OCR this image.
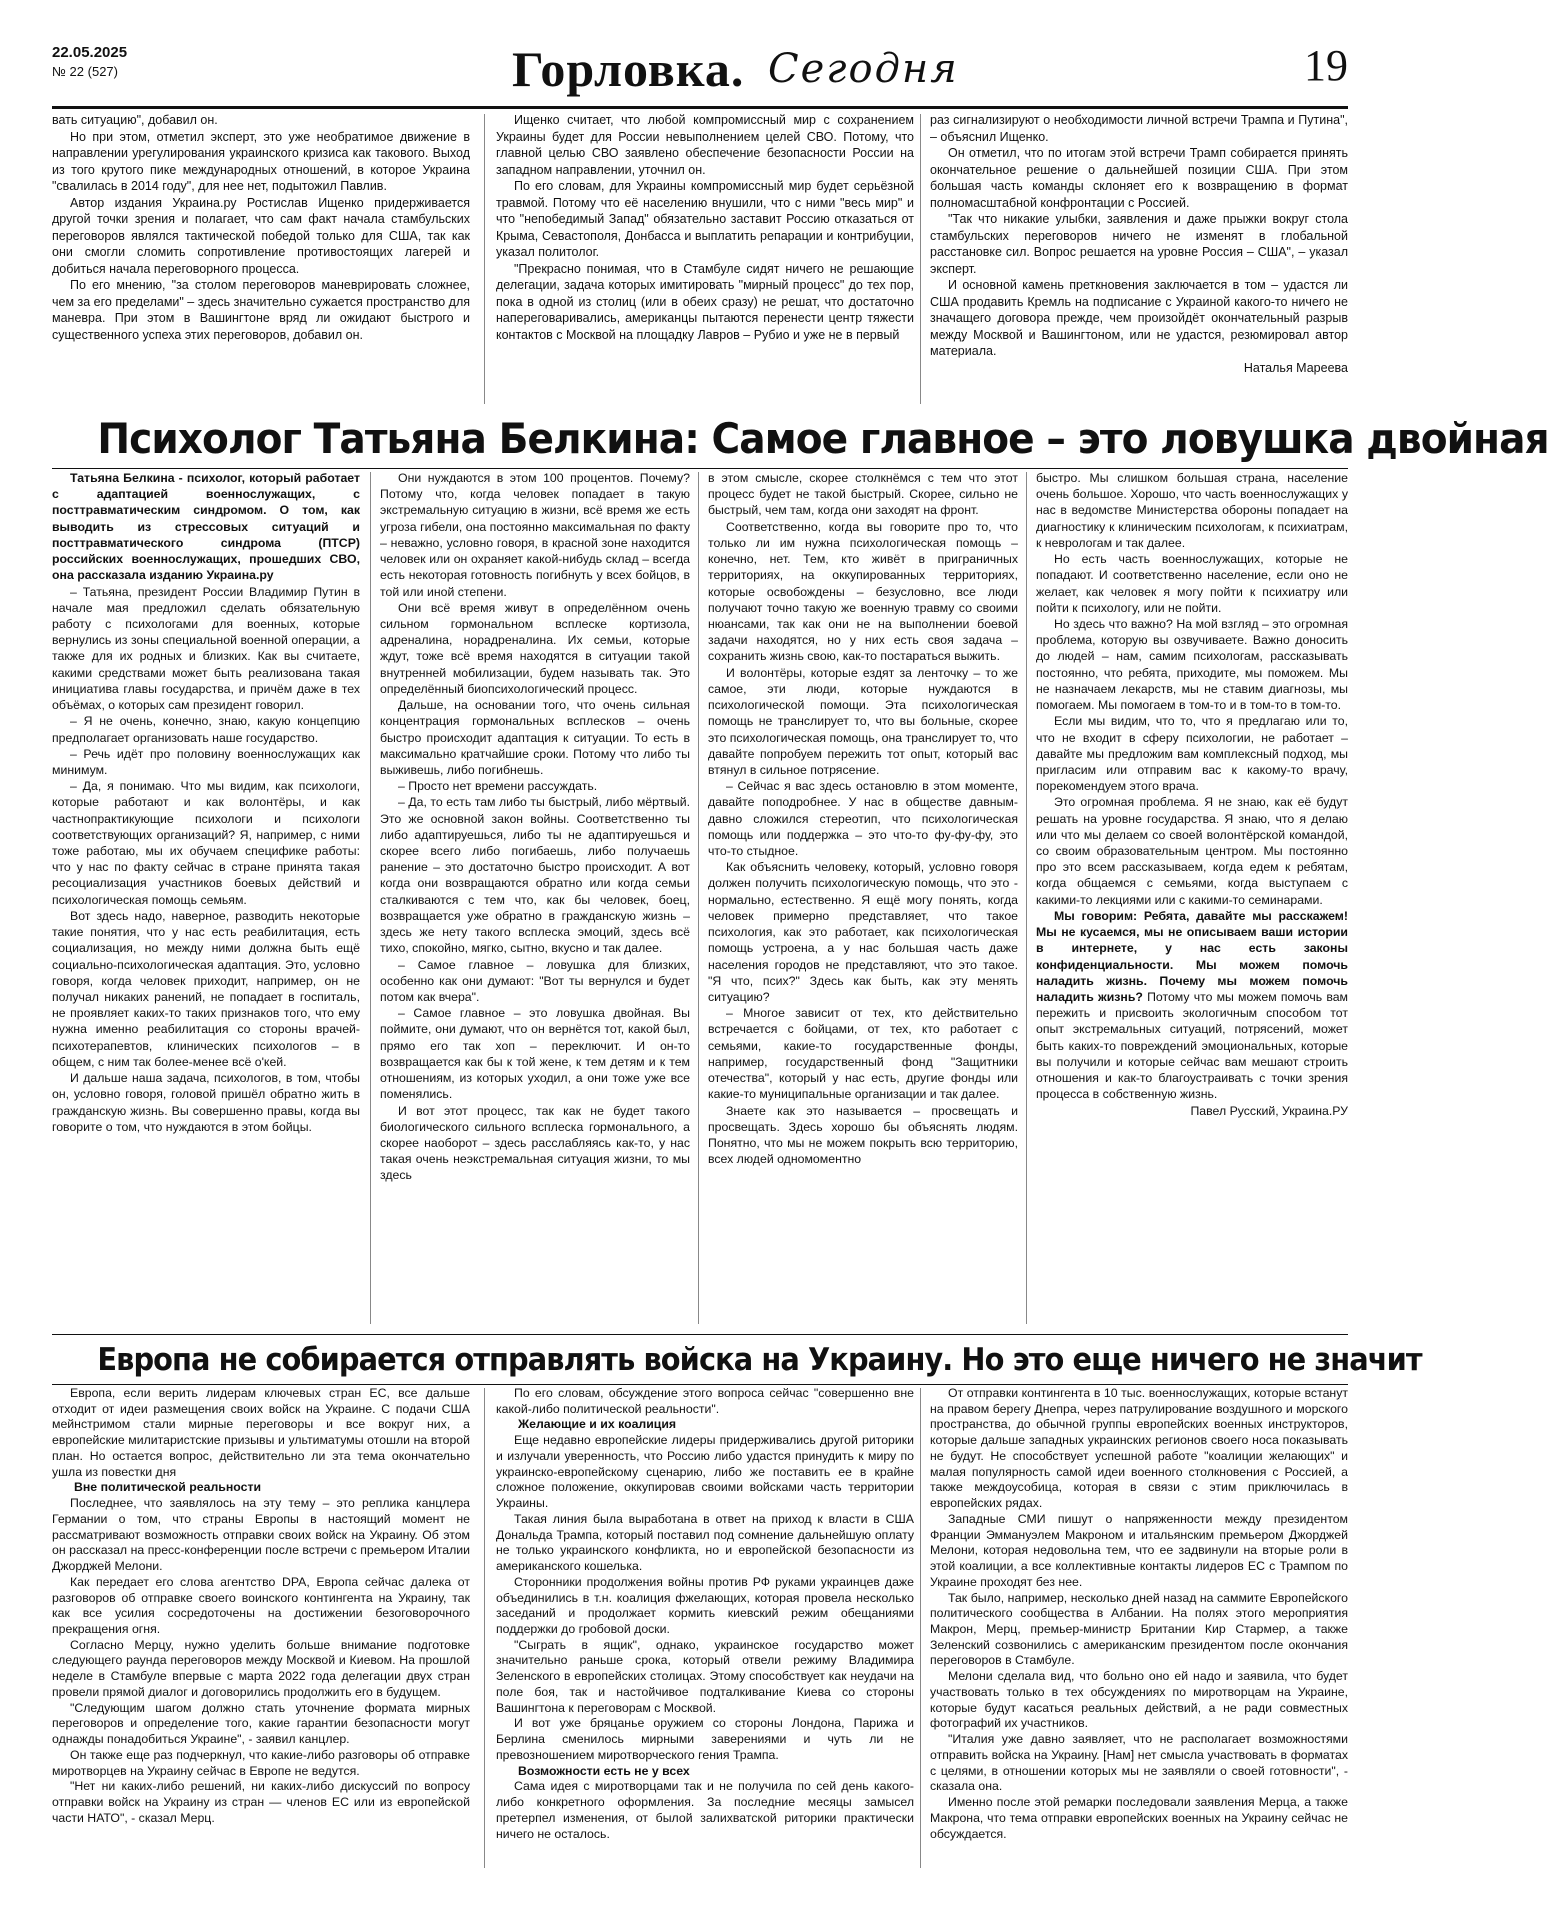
22.05.2025
№ 22 (527)	Горловка. Сегодня	19

вать ситуацию", добавил он.

Но при этом, отметил эксперт, это уже необратимое движение в направлении урегулирования украинского кризиса как такового. Выход из того крутого пике международных отношений, в которое Украина "свалилась в 2014 году", для нее нет, подытожил Павлив.

Автор издания Украина.ру Ростислав Ищенко придерживается другой точки зрения и полагает, что сам факт начала стамбульских переговоров являлся тактической победой только для США, так как они смогли сломить сопротивление противостоящих лагерей и добиться начала переговорного процесса.

По его мнению, "за столом переговоров маневрировать сложнее, чем за его пределами" – здесь значительно сужается пространство для маневра. При этом в Вашингтоне вряд ли ожидают быстрого и существенного успеха этих переговоров, добавил он.

Ищенко считает, что любой компромиссный мир с сохранением Украины будет для России невыполнением целей СВО. Потому, что главной целью СВО заявлено обеспечение безопасности России на западном направлении, уточнил он.

По его словам, для Украины компромиссный мир будет серьёзной травмой. Потому что её населению внушили, что с ними "весь мир" и что "непобедимый Запад" обязательно заставит Россию отказаться от Крыма, Севастополя, Донбасса и выплатить репарации и контрибуции, указал политолог.

"Прекрасно понимая, что в Стамбуле сидят ничего не решающие делегации, задача которых имитировать "мирный процесс" до тех пор, пока в одной из столиц (или в обеих сразу) не решат, что достаточно напереговаривались, американцы пытаются перенести центр тяжести контактов с Москвой на площадку Лавров – Рубио и уже не в первый

раз сигнализируют о необходимости личной встречи Трампа и Путина", – объяснил Ищенко.

Он отметил, что по итогам этой встречи Трамп собирается принять окончательное решение о дальнейшей позиции США. При этом большая часть команды склоняет его к возвращению в формат полномасштабной конфронтации с Россией.

"Так что никакие улыбки, заявления и даже прыжки вокруг стола стамбульских переговоров ничего не изменят в глобальной расстановке сил. Вопрос решается на уровне Россия – США", – указал эксперт.

И основной камень преткновения заключается в том – удастся ли США продавить Кремль на подписание с Украиной какого-то ничего не значащего договора прежде, чем произойдёт окончательный разрыв между Москвой и Вашингтоном, или не удастся, резюмировал автор материала.

Наталья Мареева

Психолог Татьяна Белкина: Самое главное – это ловушка двойная

Татьяна Белкина - психолог, который работает с адаптацией военнослужащих, с посттравматическим синдромом. О том, как выводить из стрессовых ситуаций и посттравматического синдрома (ПТСР) российских военнослужащих, прошедших СВО, она рассказала изданию Украина.ру

– Татьяна, президент России Владимир Путин в начале мая предложил сделать обязательную работу с психологами для военных, которые вернулись из зоны специальной военной операции, а также для их родных и близких. Как вы считаете, какими средствами может быть реализована такая инициатива главы государства, и причём даже в тех объёмах, о которых сам президент говорил.

– Я не очень, конечно, знаю, какую концепцию предполагает организовать наше государство.

– Речь идёт про половину военнослужащих как минимум.

– Да, я понимаю. Что мы видим, как психологи, которые работают и как волонтёры, и как частнопрактикующие психологи и психологи соответствующих организаций? Я, например, с ними тоже работаю, мы их обучаем специфике работы: что у нас по факту сейчас в стране принята такая ресоциализация участников боевых действий и психологическая помощь семьям.

Вот здесь надо, наверное, разводить некоторые такие понятия, что у нас есть реабилитация, есть социализация, но между ними должна быть ещё социально-психологическая адаптация. Это, условно говоря, когда человек приходит, например, он не получал никаких ранений, не попадает в госпиталь, не проявляет каких-то таких признаков того, что ему нужна именно реабилитация со стороны врачей-психотерапевтов, клинических психологов – в общем, с ним так более-менее всё о'кей.

И дальше наша задача, психологов, в том, чтобы он, условно говоря, головой пришёл обратно жить в гражданскую жизнь. Вы совершенно правы, когда вы говорите о том, что нуждаются в этом бойцы.

Они нуждаются в этом 100 процентов. Почему? Потому что, когда человек попадает в такую экстремальную ситуацию в жизни, всё время же есть угроза гибели, она постоянно максимальная по факту – неважно, условно говоря, в красной зоне находится человек или он охраняет какой-нибудь склад – всегда есть некоторая готовность погибнуть у всех бойцов, в той или иной степени.

Они всё время живут в определённом очень сильном гормональном всплеске кортизола, адреналина, норадреналина. Их семьи, которые ждут, тоже всё время находятся в ситуации такой внутренней мобилизации, будем называть так. Это определённый биопсихологический процесс.

Дальше, на основании того, что очень сильная концентрация гормональных всплесков – очень быстро происходит адаптация к ситуации. То есть в максимально кратчайшие сроки. Потому что либо ты выживешь, либо погибнешь.

– Просто нет времени рассуждать.

– Да, то есть там либо ты быстрый, либо мёртвый. Это же основной закон войны. Соответственно ты либо адаптируешься, либо ты не адаптируешься и скорее всего либо погибаешь, либо получаешь ранение – это достаточно быстро происходит. А вот когда они возвращаются обратно или когда семьи сталкиваются с тем что, как бы человек, боец, возвращается уже обратно в гражданскую жизнь – здесь же нету такого всплеска эмоций, здесь всё тихо, спокойно, мягко, сытно, вкусно и так далее.

– Самое главное – ловушка для близких, особенно как они думают: "Вот ты вернулся и будет потом как вчера".

– Самое главное – это ловушка двойная. Вы поймите, они думают, что он вернётся тот, какой был, прямо его так хоп – переключит. И он-то возвращается как бы к той жене, к тем детям и к тем отношениям, из которых уходил, а они тоже уже все поменялись.

И вот этот процесс, так как не будет такого биологического сильного всплеска гормонального, а скорее наоборот – здесь расслабляясь как-то, у нас такая очень неэкстремальная ситуация жизни, то мы здесь

в этом смысле, скорее столкнёмся с тем что этот процесс будет не такой быстрый. Скорее, сильно не быстрый, чем там, когда они заходят на фронт.

Соответственно, когда вы говорите про то, что только ли им нужна психологическая помощь – конечно, нет. Тем, кто живёт в приграничных территориях, на оккупированных территориях, которые освобождены – безусловно, все люди получают точно такую же военную травму со своими нюансами, так как они не на выполнении боевой задачи находятся, но у них есть своя задача – сохранить жизнь свою, как-то постараться выжить.

И волонтёры, которые ездят за ленточку – то же самое, эти люди, которые нуждаются в психологической помощи. Эта психологическая помощь не транслирует то, что вы больные, скорее это психологическая помощь, она транслирует то, что давайте попробуем пережить тот опыт, который вас втянул в сильное потрясение.

– Сейчас я вас здесь остановлю в этом моменте, давайте поподробнее. У нас в обществе давным-давно сложился стереотип, что психологическая помощь или поддержка – это что-то фу-фу-фу, это что-то стыдное.

Как объяснить человеку, который, условно говоря должен получить психологическую помощь, что это - нормально, естественно. Я ещё могу понять, когда человек примерно представляет, что такое психология, как это работает, как психологическая помощь устроена, а у нас большая часть даже населения городов не представляют, что это такое. "Я что, псих?" Здесь как быть, как эту менять ситуацию?

– Многое зависит от тех, кто действительно встречается с бойцами, от тех, кто работает с семьями, какие-то государственные фонды, например, государственный фонд "Защитники отечества", который у нас есть, другие фонды или какие-то муниципальные организации и так далее.

Знаете как это называется – просвещать и просвещать. Здесь хорошо бы объяснять людям. Понятно, что мы не можем покрыть всю территорию, всех людей одномоментно

быстро. Мы слишком большая страна, население очень большое. Хорошо, что часть военнослужащих у нас в ведомстве Министерства обороны попадает на диагностику к клиническим психологам, к психиатрам, к неврологам и так далее.

Но есть часть военнослужащих, которые не попадают. И соответственно население, если оно не желает, как человек я могу пойти к психиатру или пойти к психологу, или не пойти.

Но здесь что важно? На мой взгляд – это огромная проблема, которую вы озвучиваете. Важно доносить до людей – нам, самим психологам, рассказывать постоянно, что ребята, приходите, мы поможем. Мы не назначаем лекарств, мы не ставим диагнозы, мы помогаем. Мы помогаем в том-то и в том-то в том-то.

Если мы видим, что то, что я предлагаю или то, что не входит в сферу психологии, не работает – давайте мы предложим вам комплексный подход, мы пригласим или отправим вас к какому-то врачу, порекомендуем этого врача.

Это огромная проблема. Я не знаю, как её будут решать на уровне государства. Я знаю, что я делаю или что мы делаем со своей волонтёрской командой, со своим образовательным центром. Мы постоянно про это всем рассказываем, когда едем к ребятам, когда общаемся с семьями, когда выступаем с какими-то лекциями или с какими-то семинарами.

Мы говорим: Ребята, давайте мы расскажем! Мы не кусаемся, мы не описываем ваши истории в интернете, у нас есть законы конфиденциальности. Мы можем помочь наладить жизнь. Почему мы можем помочь наладить жизнь? Потому что мы можем помочь вам пережить и присвоить экологичным способом тот опыт экстремальных ситуаций, потрясений, может быть каких-то повреждений эмоциональных, которые вы получили и которые сейчас вам мешают строить отношения и как-то благоустраивать с точки зрения процесса в собственную жизнь.

Павел Русский, Украина.РУ

Европа не собирается отправлять войска на Украину. Но это еще ничего не значит

Европа, если верить лидерам ключевых стран ЕС, все дальше отходит от идеи размещения своих войск на Украине. С подачи США мейнстримом стали мирные переговоры и все вокруг них, а европейские милитаристские призывы и ультиматумы отошли на второй план. Но остается вопрос, действительно ли эта тема окончательно ушла из повестки дня

Вне политической реальности

Последнее, что заявлялось на эту тему – это реплика канцлера Германии о том, что страны Европы в настоящий момент не рассматривают возможность отправки своих войск на Украину. Об этом он рассказал на пресс-конференции после встречи с премьером Италии Джорджей Мелони.

Как передает его слова агентство DPA, Европа сейчас далека от разговоров об отправке своего воинского контингента на Украину, так как все усилия сосредоточены на достижении безоговорочного прекращения огня.

Согласно Мерцу, нужно уделить больше внимание подготовке следующего раунда переговоров между Москвой и Киевом. На прошлой неделе в Стамбуле впервые с марта 2022 года делегации двух стран провели прямой диалог и договорились продолжить его в будущем.

"Следующим шагом должно стать уточнение формата мирных переговоров и определение того, какие гарантии безопасности могут однажды понадобиться Украине", - заявил канцлер.

Он также еще раз подчеркнул, что какие-либо разговоры об отправке миротворцев на Украину сейчас в Европе не ведутся.

"Нет ни каких-либо решений, ни каких-либо дискуссий по вопросу отправки войск на Украину из стран — членов ЕС или из европейской части НАТО", - сказал Мерц.

По его словам, обсуждение этого вопроса сейчас "совершенно вне какой-либо политической реальности".

Желающие и их коалиция

Еще недавно европейские лидеры придерживались другой риторики и излучали уверенность, что Россию либо удастся принудить к миру по украинско-европейскому сценарию, либо же поставить ее в крайне сложное положение, оккупировав своими войсками часть территории Украины.

Такая линия была выработана в ответ на приход к власти в США Дональда Трампа, который поставил под сомнение дальнейшую оплату не только украинского конфликта, но и европейской безопасности из американского кошелька.

Сторонники продолжения войны против РФ руками украинцев даже объединились в т.н. коалиция фжелающих, которая провела несколько заседаний и продолжает кормить киевский режим обещаниями поддержки до гробовой доски.

"Сыграть в ящик", однако, украинское государство может значительно раньше срока, который отвели режиму Владимира Зеленского в европейских столицах. Этому способствует как неудачи на поле боя, так и настойчивое подталкивание Киева со стороны Вашингтона к переговорам с Москвой.

И вот уже бряцанье оружием со стороны Лондона, Парижа и Берлина сменилось мирными заверениями и чуть ли не превозношением миротворческого гения Трампа.

Возможности есть не у всех

Сама идея с миротворцами так и не получила по сей день какого-либо конкретного оформления. За последние месяцы замысел претерпел изменения, от былой залихватской риторики практически ничего не осталось.

От отправки контингента в 10 тыс. военнослужащих, которые встанут на правом берегу Днепра, через патрулирование воздушного и морского пространства, до обычной группы европейских военных инструкторов, которые дальше западных украинских регионов своего носа показывать не будут. Не способствует успешной работе "коалиции желающих" и малая популярность самой идеи военного столкновения с Россией, а также междоусобица, которая в связи с этим приключилась в европейских рядах.

Западные СМИ пишут о напряженности между президентом Франции Эммануэлем Макроном и итальянским премьером Джорджей Мелони, которая недовольна тем, что ее задвинули на вторые роли в этой коалиции, а все коллективные контакты лидеров ЕС с Трампом по Украине проходят без нее.

Так было, например, несколько дней назад на саммите Европейского политического сообщества в Албании. На полях этого мероприятия Макрон, Мерц, премьер-министр Британии Кир Стармер, а также Зеленский созвонились с американским президентом после окончания переговоров в Стамбуле.

Мелони сделала вид, что больно оно ей надо и заявила, что будет участвовать только в тех обсуждениях по миротворцам на Украине, которые будут касаться реальных действий, а не ради совместных фотографий их участников.

"Италия уже давно заявляет, что не располагает возможностями отправить войска на Украину. [Нам] нет смысла участвовать в форматах с целями, в отношении которых мы не заявляли о своей готовности", - сказала она.

Именно после этой ремарки последовали заявления Мерца, а также Макрона, что тема отправки европейских военных на Украину сейчас не обсуждается.
